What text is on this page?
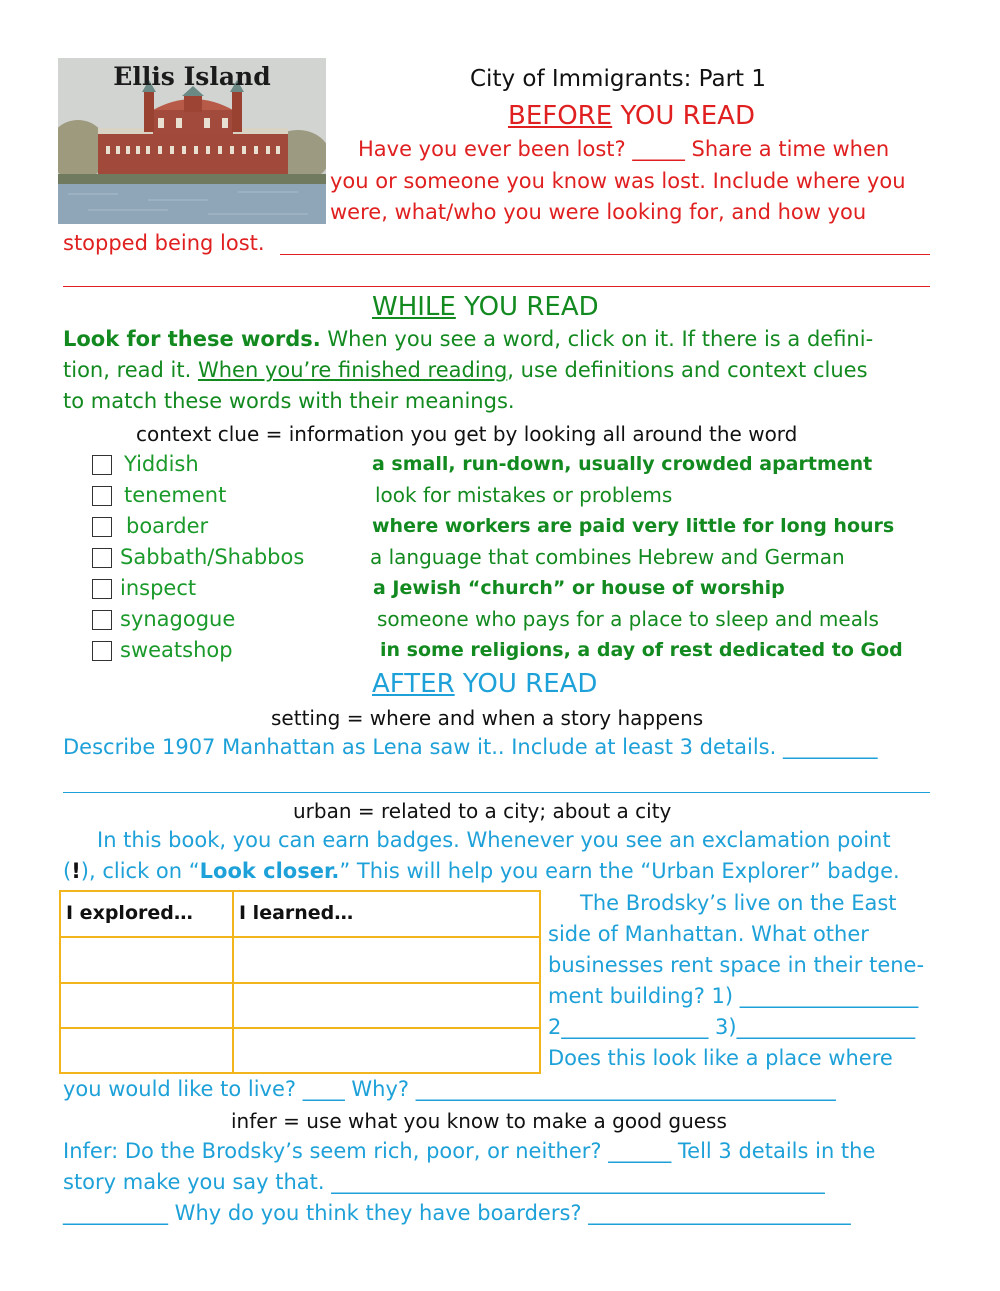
Ellis Island	City of Immigrants: Part 1
BEFORE YOU READ
Have you ever been lost? _____ Share a time when
you or someone you know was lost. Include where you
were, what/who you were looking for, and how you
stopped being lost.
WHILE YOU READ
Look for these words. When you see a word, click on it. If there is a defini-
tion, read it. When you’re finished reading, use definitions and context clues
to match these words with their meanings.
context clue = information you get by looking all around the word
Yiddish
tenement
boarder
Sabbath/Shabbos
inspect
synagogue
sweatshop
a small, run-down, usually crowded apartment
look for mistakes or problems
where workers are paid very little for long hours
a language that combines Hebrew and German
a Jewish “church” or house of worship
someone who pays for a place to sleep and meals
in some religions, a day of rest dedicated to God
AFTER YOU READ
setting = where and when a story happens
Describe 1907 Manhattan as Lena saw it.. Include at least 3 details. _________
urban = related to a city; about a city
In this book, you can earn badges. Whenever you see an exclamation point
(!), click on “Look closer.” This will help you earn the “Urban Explorer” badge.
I explored… I learned…	The Brodsky’s live on the East
side of Manhattan. What other
businesses rent space in their tene-
ment building? 1) _________________
2______________ 3)_________________
Does this look like a place where
you would like to live? ____ Why? ________________________________________
infer = use what you know to make a good guess
Infer: Do the Brodsky’s seem rich, poor, or neither? ______ Tell 3 details in the
story make you say that. _______________________________________________
__________ Why do you think they have boarders? _________________________
